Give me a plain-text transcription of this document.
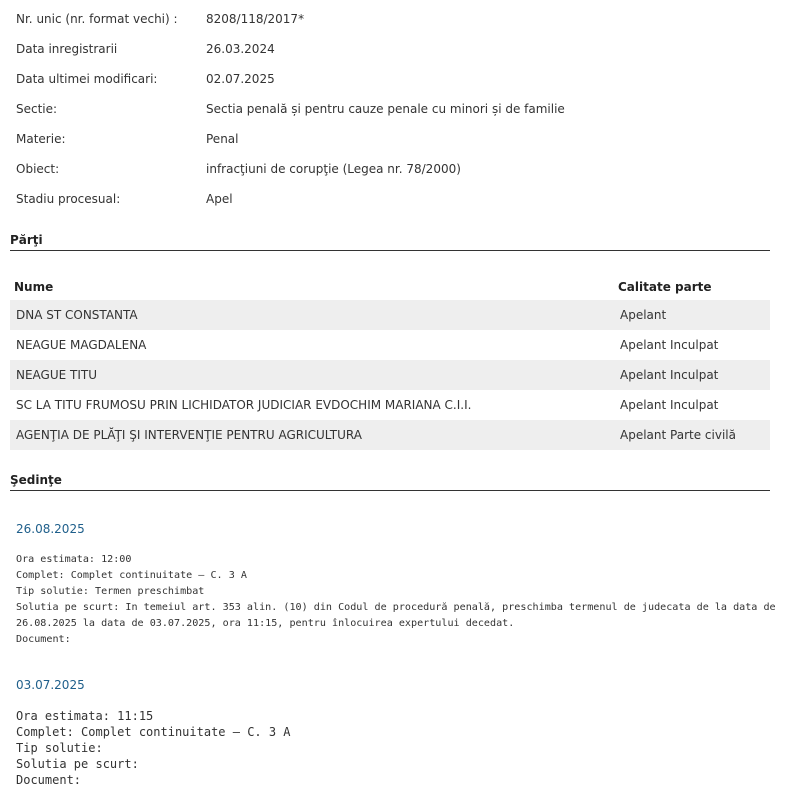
Nr. unic (nr. format vechi) :	8208/118/2017*
Data inregistrarii	26.03.2024
Data ultimei modificari:	02.07.2025
Sectie:	Sectia penală și pentru cauze penale cu minori și de familie
Materie:	Penal
Obiect:	infracţiuni de corupţie (Legea nr. 78/2000)
Stadiu procesual:	Apel
Părţi
Nume	Calitate parte
DNA ST CONSTANTA	Apelant
NEAGUE MAGDALENA	Apelant Inculpat
NEAGUE TITU	Apelant Inculpat
SC LA TITU FRUMOSU PRIN LICHIDATOR JUDICIAR EVDOCHIM MARIANA C.I.I.	Apelant Inculpat
AGENŢIA DE PLĂŢI ŞI INTERVENŢIE PENTRU AGRICULTURA	Apelant Parte civilă
Şedinţe
26.08.2025
Ora estimata: 12:00
Complet: Complet continuitate – C. 3 A
Tip solutie: Termen preschimbat
Solutia pe scurt: In temeiul art. 353 alin. (10) din Codul de procedură penală, preschimba termenul de judecata de la data de
26.08.2025 la data de 03.07.2025, ora 11:15, pentru înlocuirea expertului decedat.
Document:
03.07.2025
Ora estimata: 11:15
Complet: Complet continuitate – C. 3 A
Tip solutie:
Solutia pe scurt:
Document:
